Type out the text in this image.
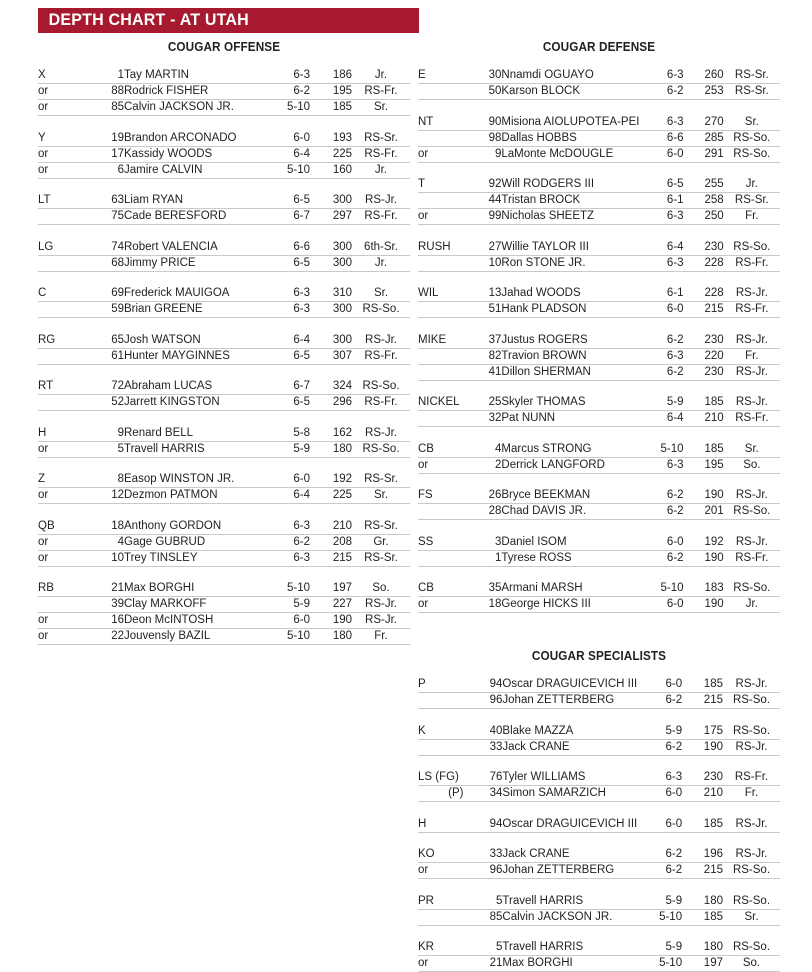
DEPTH CHART - AT UTAH
COUGAR OFFENSE
X	1	Tay MARTIN	6-3	186	Jr.
or	88	Rodrick FISHER	6-2	195	RS-Fr.
or	85	Calvin JACKSON JR.	5-10	185	Sr.

Y	19	Brandon ARCONADO	6-0	193	RS-Sr.
or	17	Kassidy WOODS	6-4	225	RS-Fr.
or	6	Jamire CALVIN	5-10	160	Jr.

LT	63	Liam RYAN	6-5	300	RS-Jr.
	75	Cade BERESFORD	6-7	297	RS-Fr.

LG	74	Robert VALENCIA	6-6	300	6th-Sr.
	68	Jimmy PRICE	6-5	300	Jr.

C	69	Frederick MAUIGOA	6-3	310	Sr.
	59	Brian GREENE	6-3	300	RS-So.

RG	65	Josh WATSON	6-4	300	RS-Jr.
	61	Hunter MAYGINNES	6-5	307	RS-Fr.

RT	72	Abraham LUCAS	6-7	324	RS-So.
	52	Jarrett KINGSTON	6-5	296	RS-Fr.

H	9	Renard BELL	5-8	162	RS-Jr.
or	5	Travell HARRIS	5-9	180	RS-So.

Z	8	Easop WINSTON JR.	6-0	192	RS-Sr.
or	12	Dezmon PATMON	6-4	225	Sr.

QB	18	Anthony GORDON	6-3	210	RS-Sr.
or	4	Gage GUBRUD	6-2	208	Gr.
or	10	Trey TINSLEY	6-3	215	RS-Sr.

RB	21	Max BORGHI	5-10	197	So.
	39	Clay MARKOFF	5-9	227	RS-Jr.
or	16	Deon McINTOSH	6-0	190	RS-Jr.
or	22	Jouvensly BAZIL	5-10	180	Fr.
COUGAR DEFENSE
E	30	Nnamdi OGUAYO	6-3	260	RS-Sr.
	50	Karson BLOCK	6-2	253	RS-Sr.

NT	90	Misiona AIOLUPOTEA-PEI	6-3	270	Sr.
	98	Dallas HOBBS	6-6	285	RS-So.
or	9	LaMonte McDOUGLE	6-0	291	RS-So.

T	92	Will RODGERS III	6-5	255	Jr.
	44	Tristan BROCK	6-1	258	RS-Sr.
or	99	Nicholas SHEETZ	6-3	250	Fr.

RUSH	27	Willie TAYLOR III	6-4	230	RS-So.
	10	Ron STONE JR.	6-3	228	RS-Fr.

WIL	13	Jahad WOODS	6-1	228	RS-Jr.
	51	Hank PLADSON	6-0	215	RS-Fr.

MIKE	37	Justus ROGERS	6-2	230	RS-Jr.
	82	Travion BROWN	6-3	220	Fr.
	41	Dillon SHERMAN	6-2	230	RS-Jr.

NICKEL	25	Skyler THOMAS	5-9	185	RS-Jr.
	32	Pat NUNN	6-4	210	RS-Fr.

CB	4	Marcus STRONG	5-10	185	Sr.
or	2	Derrick LANGFORD	6-3	195	So.

FS	26	Bryce BEEKMAN	6-2	190	RS-Jr.
	28	Chad DAVIS JR.	6-2	201	RS-So.

SS	3	Daniel ISOM	6-0	192	RS-Jr.
	1	Tyrese ROSS	6-2	190	RS-Fr.

CB	35	Armani MARSH	5-10	183	RS-So.
or	18	George HICKS III	6-0	190	Jr.
COUGAR SPECIALISTS
P	94	Oscar DRAGUICEVICH III	6-0	185	RS-Jr.
	96	Johan ZETTERBERG	6-2	215	RS-So.

K	40	Blake MAZZA	5-9	175	RS-So.
	33	Jack CRANE	6-2	190	RS-Jr.

LS (FG)	76	Tyler WILLIAMS	6-3	230	RS-Fr.
(P)	34	Simon SAMARZICH	6-0	210	Fr.

H	94	Oscar DRAGUICEVICH III	6-0	185	RS-Jr.

KO	33	Jack CRANE	6-2	196	RS-Jr.
or	96	Johan ZETTERBERG	6-2	215	RS-So.

PR	5	Travell HARRIS	5-9	180	RS-So.
	85	Calvin JACKSON JR.	5-10	185	Sr.

KR	5	Travell HARRIS	5-9	180	RS-So.
or	21	Max BORGHI	5-10	197	So.
